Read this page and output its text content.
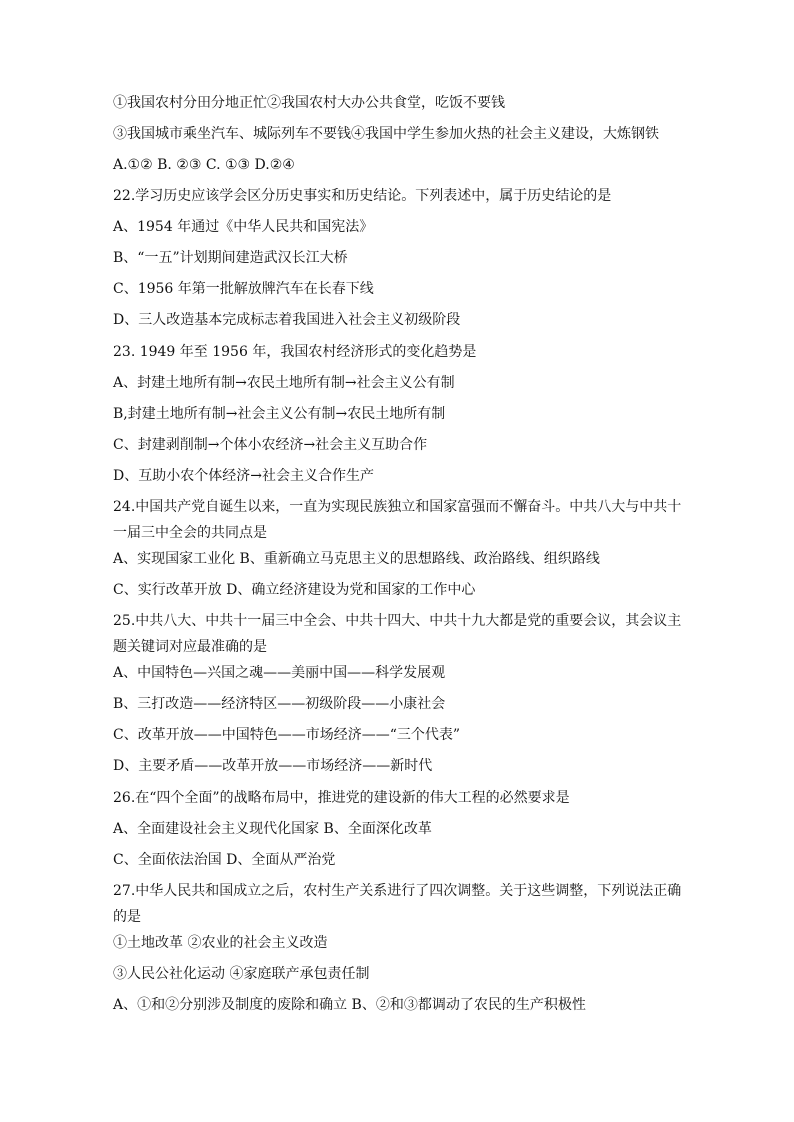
①我国农村分田分地正忙②我国农村大办公共食堂，吃饭不要钱
③我国城市乘坐汽车、城际列车不要钱④我国中学生参加火热的社会主义建设，大炼钢铁
A.①② B. ②③ C. ①③ D.②④
22.学习历史应该学会区分历史事实和历史结论。下列表述中，属于历史结论的是
A、1954 年通过《中华人民共和国宪法》
B、“一五”计划期间建造武汉长江大桥
C、1956 年第一批解放牌汽车在长春下线
D、三人改造基本完成标志着我国进入社会主义初级阶段
23. 1949 年至 1956 年，我国农村经济形式的变化趋势是
A、封建土地所有制→农民土地所有制→社会主义公有制
B,封建土地所有制→社会主义公有制→农民土地所有制
C、封建剥削制→个体小农经济→社会主义互助合作
D、互助小农个体经济→社会主义合作生产
24.中国共产党自诞生以来，一直为实现民族独立和国家富强而不懈奋斗。中共八大与中共十一届三中全会的共同点是
A、实现国家工业化 B、重新确立马克思主义的思想路线、政治路线、组织路线
C、实行改革开放 D、确立经济建设为党和国家的工作中心
25.中共八大、中共十一届三中全会、中共十四大、中共十九大都是党的重要会议，其会议主题关键词对应最准确的是
A、中国特色—兴国之魂——美丽中国——科学发展观
B、三打改造——经济特区——初级阶段——小康社会
C、改革开放——中国特色——市场经济——“三个代表”
D、主要矛盾——改革开放——市场经济——新时代
26.在“四个全面”的战略布局中，推进党的建设新的伟大工程的必然要求是
A、全面建设社会主义现代化国家 B、全面深化改革
C、全面依法治国 D、全面从严治党
27.中华人民共和国成立之后，农村生产关系进行了四次调整。关于这些调整，下列说法正确的是
①土地改革 ②农业的社会主义改造
③人民公社化运动 ④家庭联产承包责任制
A、①和②分别涉及制度的废除和确立 B、②和③都调动了农民的生产积极性
